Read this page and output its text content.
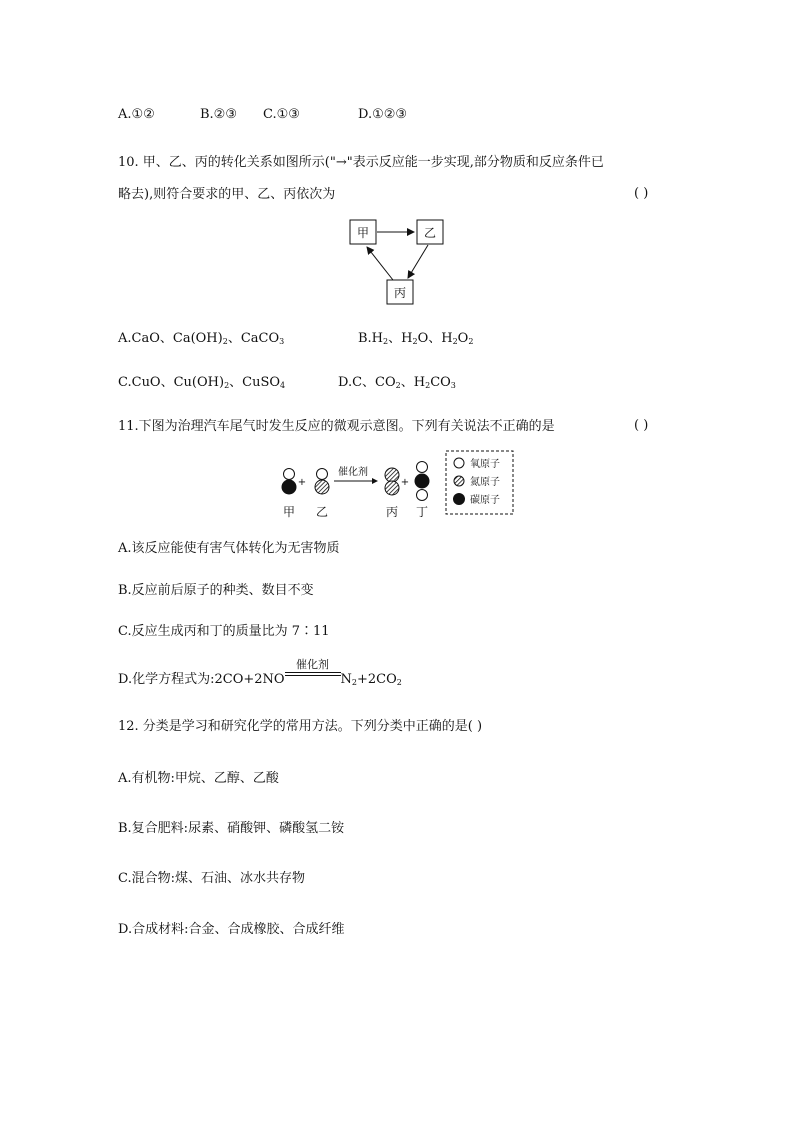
A.①②	B.②③ C.①③	D.①②③
10. 甲、乙、丙的转化关系如图所示("→"表示反应能一步实现,部分物质和反应条件已
略去),则符合要求的甲、乙、丙依次为	( )
甲	乙
丙
A.CaO、$Ca(OH)_2$、CaCO$_3$	$B.H_2$、$H_2O$、$H_2O_2$
C.CuO、$Cu(OH)_2$、CuSO$_4$	D.C、$CO_2$、$H_2CO_3$
11.下图为治理汽车尾气时发生反应的微观示意图。下列有关说法不正确的是	( )
+
催化剂
+
甲 乙	丙 丁
氧原子
氮原子
碳原子
A.该反应能使有害气体转化为无害物质
B.反应前后原子的种类、数目不变
C.反应生成丙和丁的质量比为 7∶11
D.化学方程式为:2CO+2NO
催化剂
$N_2+2CO_2$
12. 分类是学习和研究化学的常用方法。下列分类中正确的是( )
A.有机物:甲烷、乙醇、乙酸
B.复合肥料:尿素、硝酸钾、磷酸氢二铵
C.混合物:煤、石油、冰水共存物
D.合成材料:合金、合成橡胶、合成纤维
